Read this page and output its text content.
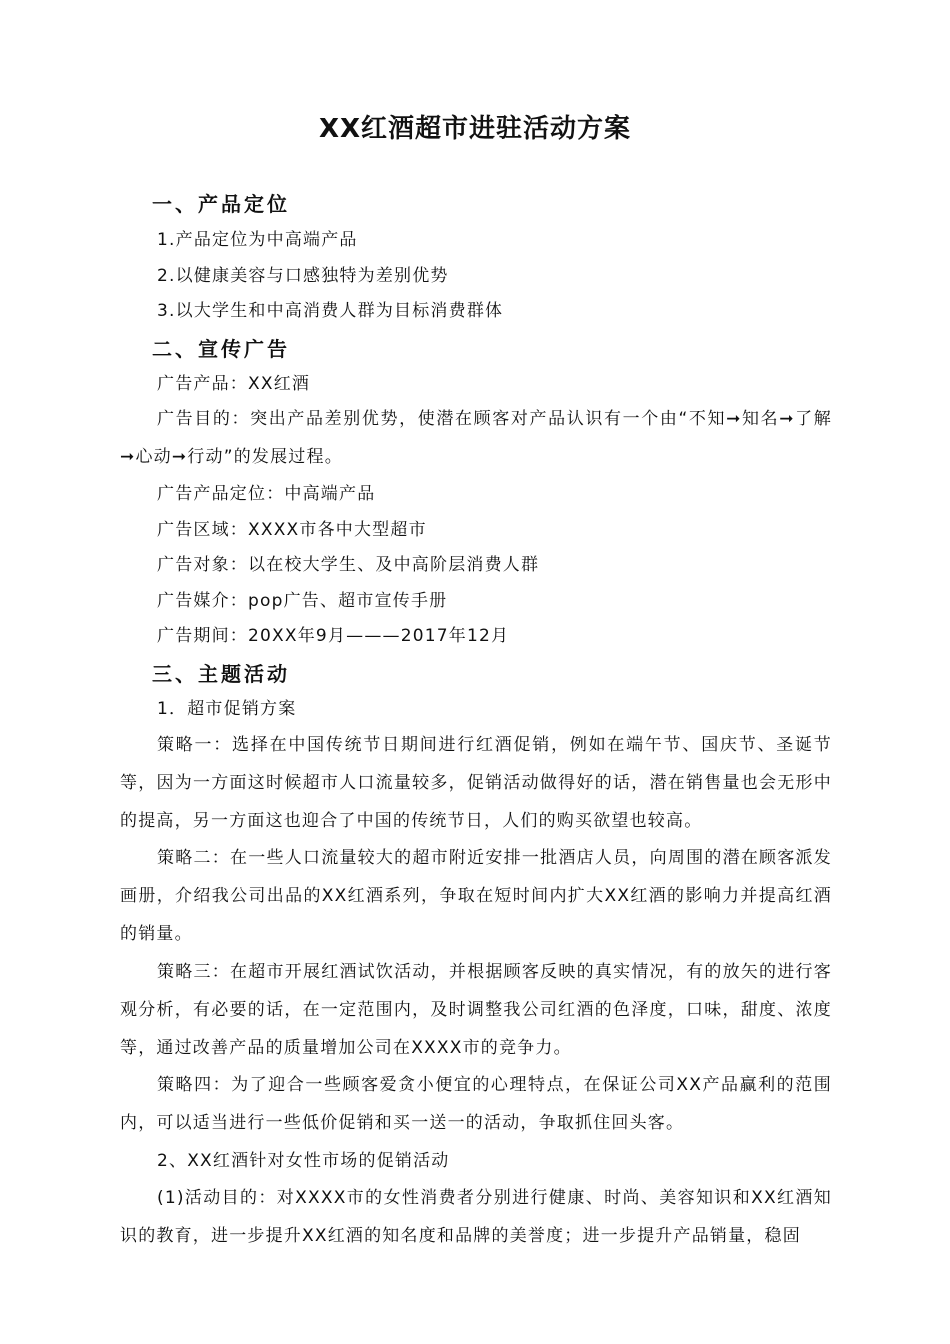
XX红酒超市进驻活动方案
一、产品定位
1.产品定位为中高端产品
2.以健康美容与口感独特为差别优势
3.以大学生和中高消费人群为目标消费群体
二、宣传广告
广告产品：XX红酒
广告目的：突出产品差别优势，使潜在顾客对产品认识有一个由“不知➞知名➞了解➞心动➞行动”的发展过程。
广告产品定位：中高端产品
广告区域：XXXX市各中大型超市
广告对象：以在校大学生、及中高阶层消费人群
广告媒介：pop广告、超市宣传手册
广告期间：20XX年9月———2017年12月
三、主题活动
1．超市促销方案
策略一：选择在中国传统节日期间进行红酒促销，例如在端午节、国庆节、圣诞节等，因为一方面这时候超市人口流量较多，促销活动做得好的话，潜在销售量也会无形中的提高，另一方面这也迎合了中国的传统节日，人们的购买欲望也较高。
策略二：在一些人口流量较大的超市附近安排一批酒店人员，向周围的潜在顾客派发画册，介绍我公司出品的XX红酒系列，争取在短时间内扩大XX红酒的影响力并提高红酒的销量。
策略三：在超市开展红酒试饮活动，并根据顾客反映的真实情况，有的放矢的进行客观分析，有必要的话，在一定范围内，及时调整我公司红酒的色泽度，口味，甜度、浓度等，通过改善产品的质量增加公司在XXXX市的竞争力。
策略四：为了迎合一些顾客爱贪小便宜的心理特点，在保证公司XX产品赢利的范围内，可以适当进行一些低价促销和买一送一的活动，争取抓住回头客。
2、XX红酒针对女性市场的促销活动
(1)活动目的：对XXXX市的女性消费者分别进行健康、时尚、美容知识和XX红酒知识的教育，进一步提升XX红酒的知名度和品牌的美誉度；进一步提升产品销量，稳固
